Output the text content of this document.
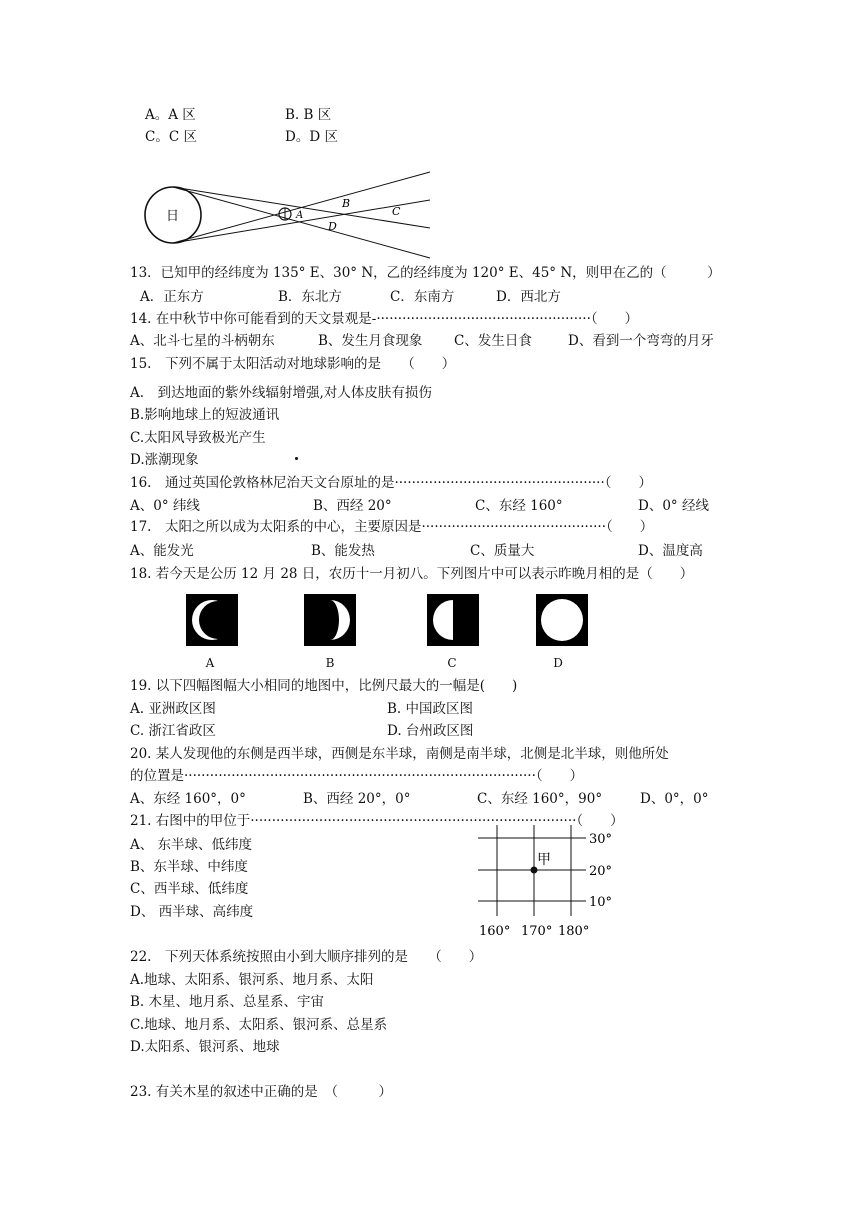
A。A 区	B. B 区
C。C 区	D。D 区
日	A
B
C
D
13．已知甲的经纬度为 135° E、30° N，乙的经纬度为 120° E、45° N，则甲在乙的（　　　）
A．正东方	B．东北方	C．东南方	D．西北方
14. 在中秋节中你可能看到的天文景观是-··················································（　　）
A、北斗七星的斗柄朝东	B、发生月食现象 C、发生日食	D、看到一个弯弯的月牙
15.　下列不属于太阳活动对地球影响的是　　（　　）
A.　到达地面的紫外线辐射增强,对人体皮肤有损伤
B.影响地球上的短波通讯
C.太阳风导致极光产生
D.涨潮现象
16.　通过英国伦敦格林尼治天文台原址的是·················································（　　）
A、0° 纬线	B、西经 20°	C、东经 160°	D、0° 经线
17.　太阳之所以成为太阳系的中心，主要原因是···········································（　　）
A、能发光	B、能发热	C、质量大	D、温度高
18. 若今天是公历 12 月 28 日，农历十一月初八。下列图片中可以表示昨晚月相的是（　　）
A	B	C	D
19. 以下四幅图幅大小相同的地图中，比例尺最大的一幅是(　　)
A. 亚洲政区图	B. 中国政区图
C. 浙江省政区	D. 台州政区图
20. 某人发现他的东侧是西半球，西侧是东半球，南侧是南半球，北侧是北半球，则他所处
的位置是··················································································（　　）
A、东经 160°，0°	B、西经 20°，0°	C、东经 160°，90°	D、0°，0°
21. 右图中的甲位于············································································（　　）
A、 东半球、低纬度
B、东半球、中纬度
C、西半球、低纬度
D、 西半球、高纬度
甲
30°
20°
10°
160° 170° 180°
22.　下列天体系统按照由小到大顺序排列的是　　（　　）
A.地球、太阳系、银河系、地月系、太阳
B. 木星、地月系、总星系、宇宙
C.地球、地月系、太阳系、银河系、总星系
D.太阳系、银河系、地球
23. 有关木星的叙述中正确的是　（　　　）
